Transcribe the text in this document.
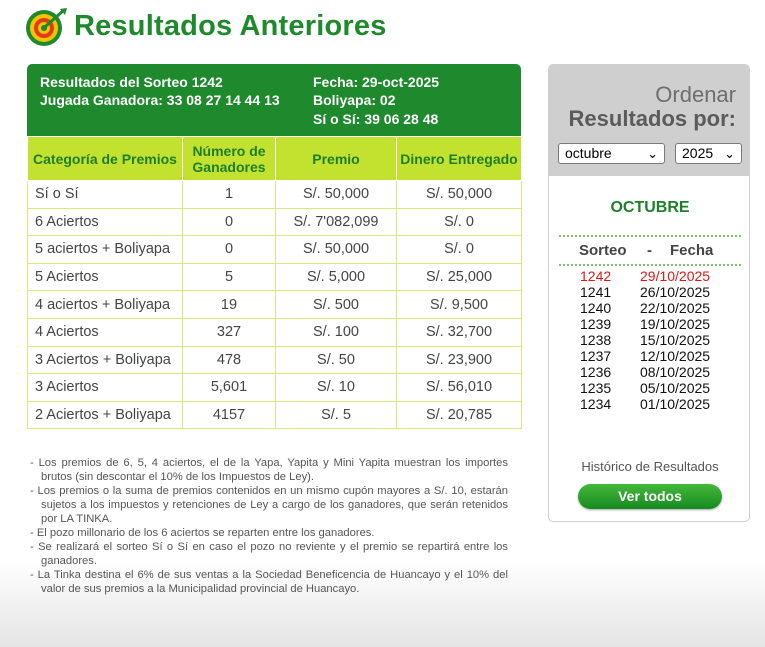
Resultados Anteriores
Resultados del Sorteo 1242
Jugada Ganadora: 33 08 27 14 44 13
Fecha: 29-oct-2025
Boliyapa: 02
Sí o Sí: 39 06 28 48
Categoría de Premios	Número de Ganadores	Premio	Dinero Entregado
Sí o Sí	1	S/. 50,000	S/. 50,000
6 Aciertos	0	S/. 7'082,099	S/. 0
5 aciertos + Boliyapa	0	S/. 50,000	S/. 0
5 Aciertos	5	S/. 5,000	S/. 25,000
4 aciertos + Boliyapa	19	S/. 500	S/. 9,500
4 Aciertos	327	S/. 100	S/. 32,700
3 Aciertos + Boliyapa	478	S/. 50	S/. 23,900
3 Aciertos	5,601	S/. 10	S/. 56,010
2 Aciertos + Boliyapa	4157	S/. 5	S/. 20,785
- Los premios de 6, 5, 4 aciertos, el de la Yapa, Yapita y Mini Yapita muestran los importes brutos (sin descontar el 10% de los Impuestos de Ley).
- Los premios o la suma de premios contenidos en un mismo cupón mayores a S/. 10, estarán sujetos a los impuestos y retenciones de Ley a cargo de los ganadores, que serán retenidos por LA TINKA.
- El pozo millonario de los 6 aciertos se reparten entre los ganadores.
- Se realizará el sorteo Sí o Sí en caso el pozo no reviente y el premio se repartirá entre los ganadores.
- La Tinka destina el 6% de sus ventas a la Sociedad Beneficencia de Huancayo y el 10% del valor de sus premios a la Municipalidad provincial de Huancayo.
Ordenar
Resultados por:
octubre	⌄	2025 ⌄
OCTUBRE
Sorteo - Fecha
1242	29/10/2025
1241	26/10/2025
1240	22/10/2025
1239	19/10/2025
1238	15/10/2025
1237	12/10/2025
1236	08/10/2025
1235	05/10/2025
1234	01/10/2025
Histórico de Resultados
Ver todos
